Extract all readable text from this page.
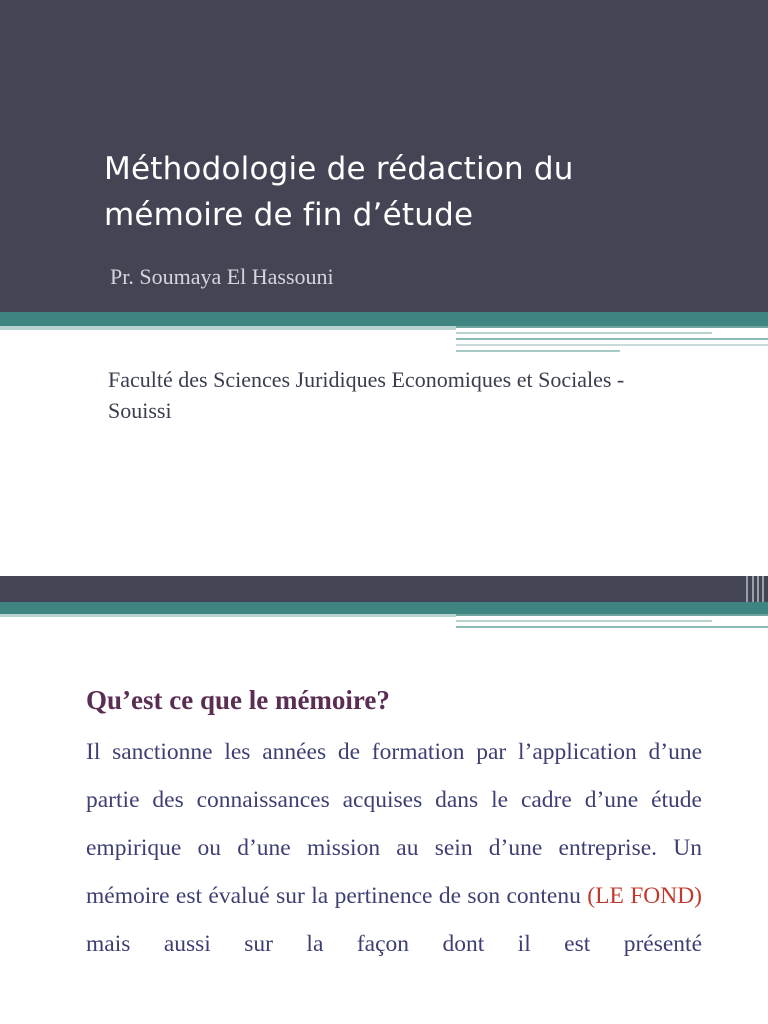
Méthodologie de rédaction du mémoire de fin d’étude
Pr. Soumaya El Hassouni
Faculté des Sciences Juridiques Economiques et Sociales - Souissi
Qu’est ce que le mémoire?
Il sanctionne les années de formation par l’application d’une partie des connaissances acquises dans le cadre d’une étude empirique ou d’une mission au sein d’une entreprise. Un mémoire est évalué sur la pertinence de son contenu (LE FOND) mais aussi sur la façon dont il est présenté
